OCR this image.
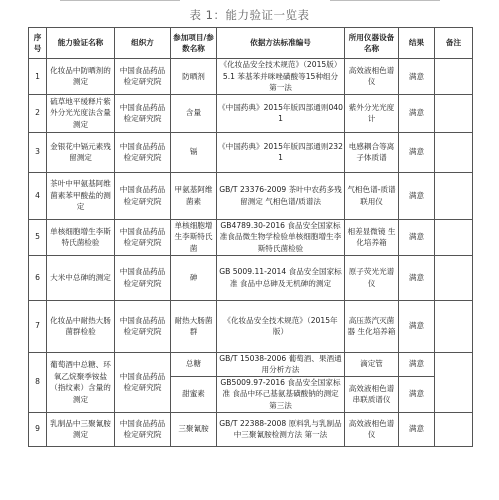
表 1：能力验证一览表
序号	能力验证名称	组织方	参加项目/参数名称	依据方法标准编号	所用仪器设备名称	结果	备注
1	化妆品中防晒剂的测定	中国食品药品检定研究院	防晒剂	《化妆品安全技术规范》（2015版）5.1 苯基苯并咪唑磺酸等15种组分 第一法	高效液相色谱仪	满意	
2	硫草地平缓释片紫外分光光度法含量测定	中国食品药品检定研究院	含量	《中国药典》2015年版四部通则0401	紫外分光光度计	满意	
3	金银花中镉元素残留测定	中国食品药品检定研究院	镉	《中国药典》2015年版四部通则2321	电感耦合等离子体质谱	满意	
4	茶叶中甲氨基阿维菌素苯甲酸盐的测定	中国食品药品检定研究院	甲氨基阿维菌素	GB/T 23376-2009 茶叶中农药多残留测定 气相色谱/质谱法	气相色谱-质谱联用仪	满意	
5	单核细胞增生李斯特氏菌检验	中国食品药品检定研究院	单核细胞增生李斯特氏菌	GB4789.30-2016 食品安全国家标准食品微生物学检验单核细胞增生李斯特氏菌检验	相差显微镜 生化培养箱	满意	
6	大米中总砷的测定	中国食品药品检定研究院	砷	GB 5009.11-2014 食品安全国家标准 食品中总砷及无机砷的测定	原子荧光光谱仪	满意	
7	化妆品中耐热大肠菌群检验	中国食品药品检定研究院	耐热大肠菌群	《化妆品安全技术规范》（2015年版）	高压蒸汽灭菌器 生化培养箱	满意	
8	葡萄酒中总糖、环氧乙烷聚季铵盐（指纹素）含量的测定	中国食品药品检定研究院	总糖	GB/T 15038-2006 葡萄酒、果酒通用分析方法	滴定管	满意	
			甜蜜素	GB5009.97-2016 食品安全国家标准 食品中环己基氨基磺酸钠的测定 第三法	高效液相色谱串联质谱仪	满意	
9	乳制品中三聚氰胺测定	中国食品药品检定研究院	三聚氰胺	GB/T 22388-2008 原料乳与乳制品中三聚氰胺检测方法 第一法	高效液相色谱仪	满意	
